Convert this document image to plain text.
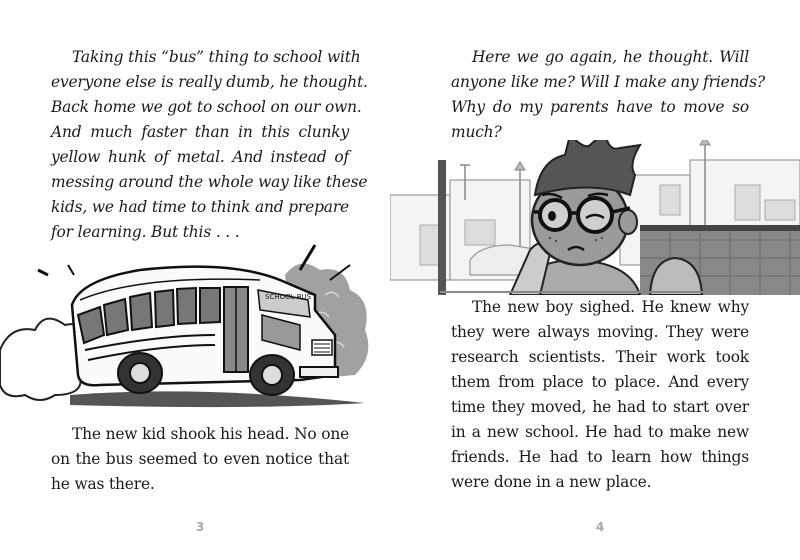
Taking this “bus” thing to school with
everyone else is really dumb, he thought.
Back home we got to school on our own.
And much faster than in this clunky
yellow hunk of metal. And instead of
messing around the whole way like these
kids, we had time to think and prepare
for learning. But this . . .
SCHOOL BUS
The new kid shook his head. No one
on the bus seemed to even notice that
he was there.
3
Here we go again, he thought. Will
anyone like me? Will I make any friends?
Why do my parents have to move so
much?
The new boy sighed. He knew why
they were always moving. They were
research scientists. Their work took
them from place to place. And every
time they moved, he had to start over
in a new school. He had to make new
friends. He had to learn how things
were done in a new place.
4
